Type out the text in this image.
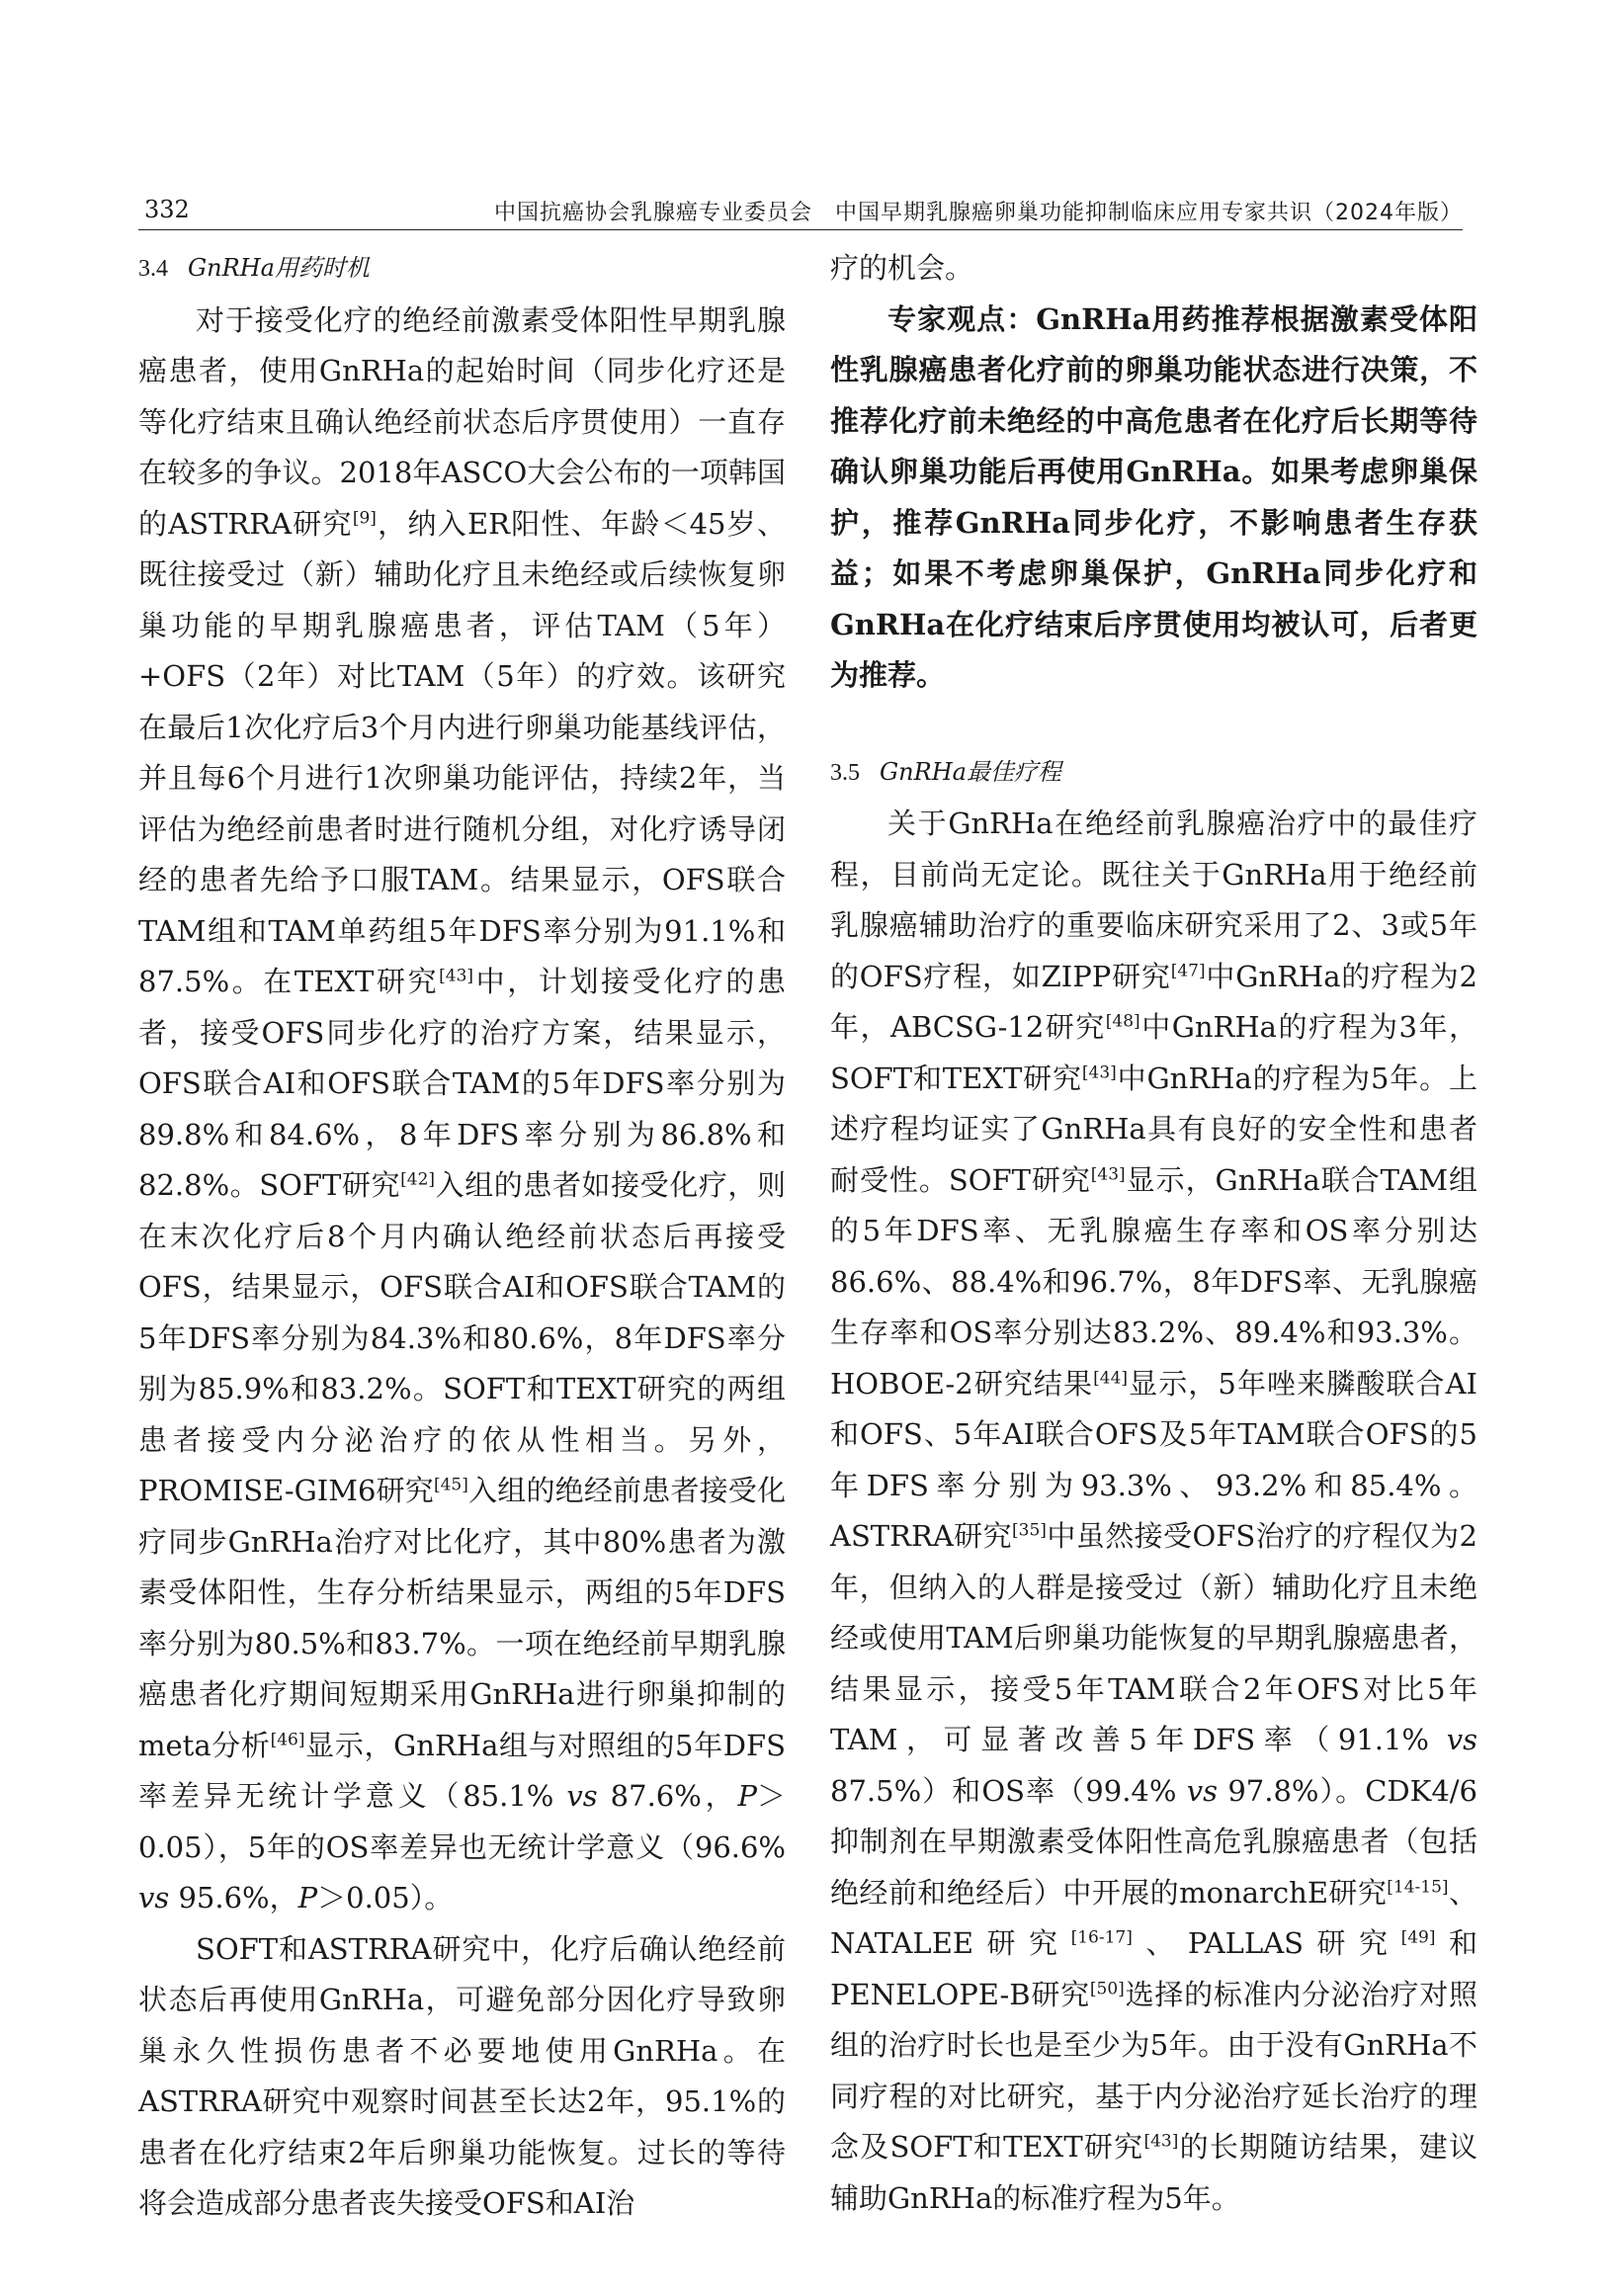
332	中国抗癌协会乳腺癌专业委员会　中国早期乳腺癌卵巢功能抑制临床应用专家共识（2024年版）
3.4 GnRHa用药时机

对于接受化疗的绝经前激素受体阳性早期乳腺癌患者，使用GnRHa的起始时间（同步化疗还是等化疗结束且确认绝经前状态后序贯使用）一直存在较多的争议。2018年ASCO大会公布的一项韩国的ASTRRA研究[9]，纳入ER阳性、年龄＜45岁、既往接受过（新）辅助化疗且未绝经或后续恢复卵巢功能的早期乳腺癌患者，评估TAM（5年）+OFS（2年）对比TAM（5年）的疗效。该研究在最后1次化疗后3个月内进行卵巢功能基线评估，并且每6个月进行1次卵巢功能评估，持续2年，当评估为绝经前患者时进行随机分组，对化疗诱导闭经的患者先给予口服TAM。结果显示，OFS联合TAM组和TAM单药组5年DFS率分别为91.1%和87.5%。在TEXT研究[43]中，计划接受化疗的患者，接受OFS同步化疗的治疗方案，结果显示，OFS联合AI和OFS联合TAM的5年DFS率分别为89.8%和84.6%，8年DFS率分别为86.8%和82.8%。SOFT研究[42]入组的患者如接受化疗，则在末次化疗后8个月内确认绝经前状态后再接受OFS，结果显示，OFS联合AI和OFS联合TAM的5年DFS率分别为84.3%和80.6%，8年DFS率分别为85.9%和83.2%。SOFT和TEXT研究的两组患者接受内分泌治疗的依从性相当。另外，PROMISE-GIM6研究[45]入组的绝经前患者接受化疗同步GnRHa治疗对比化疗，其中80%患者为激素受体阳性，生存分析结果显示，两组的5年DFS率分别为80.5%和83.7%。一项在绝经前早期乳腺癌患者化疗期间短期采用GnRHa进行卵巢抑制的meta分析[46]显示，GnRHa组与对照组的5年DFS率差异无统计学意义（85.1% vs 87.6%，P＞0.05），5年的OS率差异也无统计学意义（96.6% vs 95.6%，P＞0.05）。

SOFT和ASTRRA研究中，化疗后确认绝经前状态后再使用GnRHa，可避免部分因化疗导致卵巢永久性损伤患者不必要地使用GnRHa。在ASTRRA研究中观察时间甚至长达2年，95.1%的患者在化疗结束2年后卵巢功能恢复。过长的等待将会造成部分患者丧失接受OFS和AI治

疗的机会。

专家观点：GnRHa用药推荐根据激素受体阳性乳腺癌患者化疗前的卵巢功能状态进行决策，不推荐化疗前未绝经的中高危患者在化疗后长期等待确认卵巢功能后再使用GnRHa。如果考虑卵巢保护，推荐GnRHa同步化疗，不影响患者生存获益；如果不考虑卵巢保护，GnRHa同步化疗和GnRHa在化疗结束后序贯使用均被认可，后者更为推荐。

3.5 GnRHa最佳疗程

关于GnRHa在绝经前乳腺癌治疗中的最佳疗程，目前尚无定论。既往关于GnRHa用于绝经前乳腺癌辅助治疗的重要临床研究采用了2、3或5年的OFS疗程，如ZIPP研究[47]中GnRHa的疗程为2年，ABCSG-12研究[48]中GnRHa的疗程为3年，SOFT和TEXT研究[43]中GnRHa的疗程为5年。上述疗程均证实了GnRHa具有良好的安全性和患者耐受性。SOFT研究[43]显示，GnRHa联合TAM组的5年DFS率、无乳腺癌生存率和OS率分别达86.6%、88.4%和96.7%，8年DFS率、无乳腺癌生存率和OS率分别达83.2%、89.4%和93.3%。HOBOE-2研究结果[44]显示，5年唑来膦酸联合AI和OFS、5年AI联合OFS及5年TAM联合OFS的5年DFS率分别为93.3%、93.2%和85.4%。ASTRRA研究[35]中虽然接受OFS治疗的疗程仅为2年，但纳入的人群是接受过（新）辅助化疗且未绝经或使用TAM后卵巢功能恢复的早期乳腺癌患者，结果显示，接受5年TAM联合2年OFS对比5年TAM，可显著改善5年DFS率（91.1% vs 87.5%）和OS率（99.4% vs 97.8%）。CDK4/6抑制剂在早期激素受体阳性高危乳腺癌患者（包括绝经前和绝经后）中开展的monarchE研究[14-15]、NATALEE研究[16-17]、PALLAS研究[49]和PENELOPE-B研究[50]选择的标准内分泌治疗对照组的治疗时长也是至少为5年。由于没有GnRHa不同疗程的对比研究，基于内分泌治疗延长治疗的理念及SOFT和TEXT研究[43]的长期随访结果，建议辅助GnRHa的标准疗程为5年。
